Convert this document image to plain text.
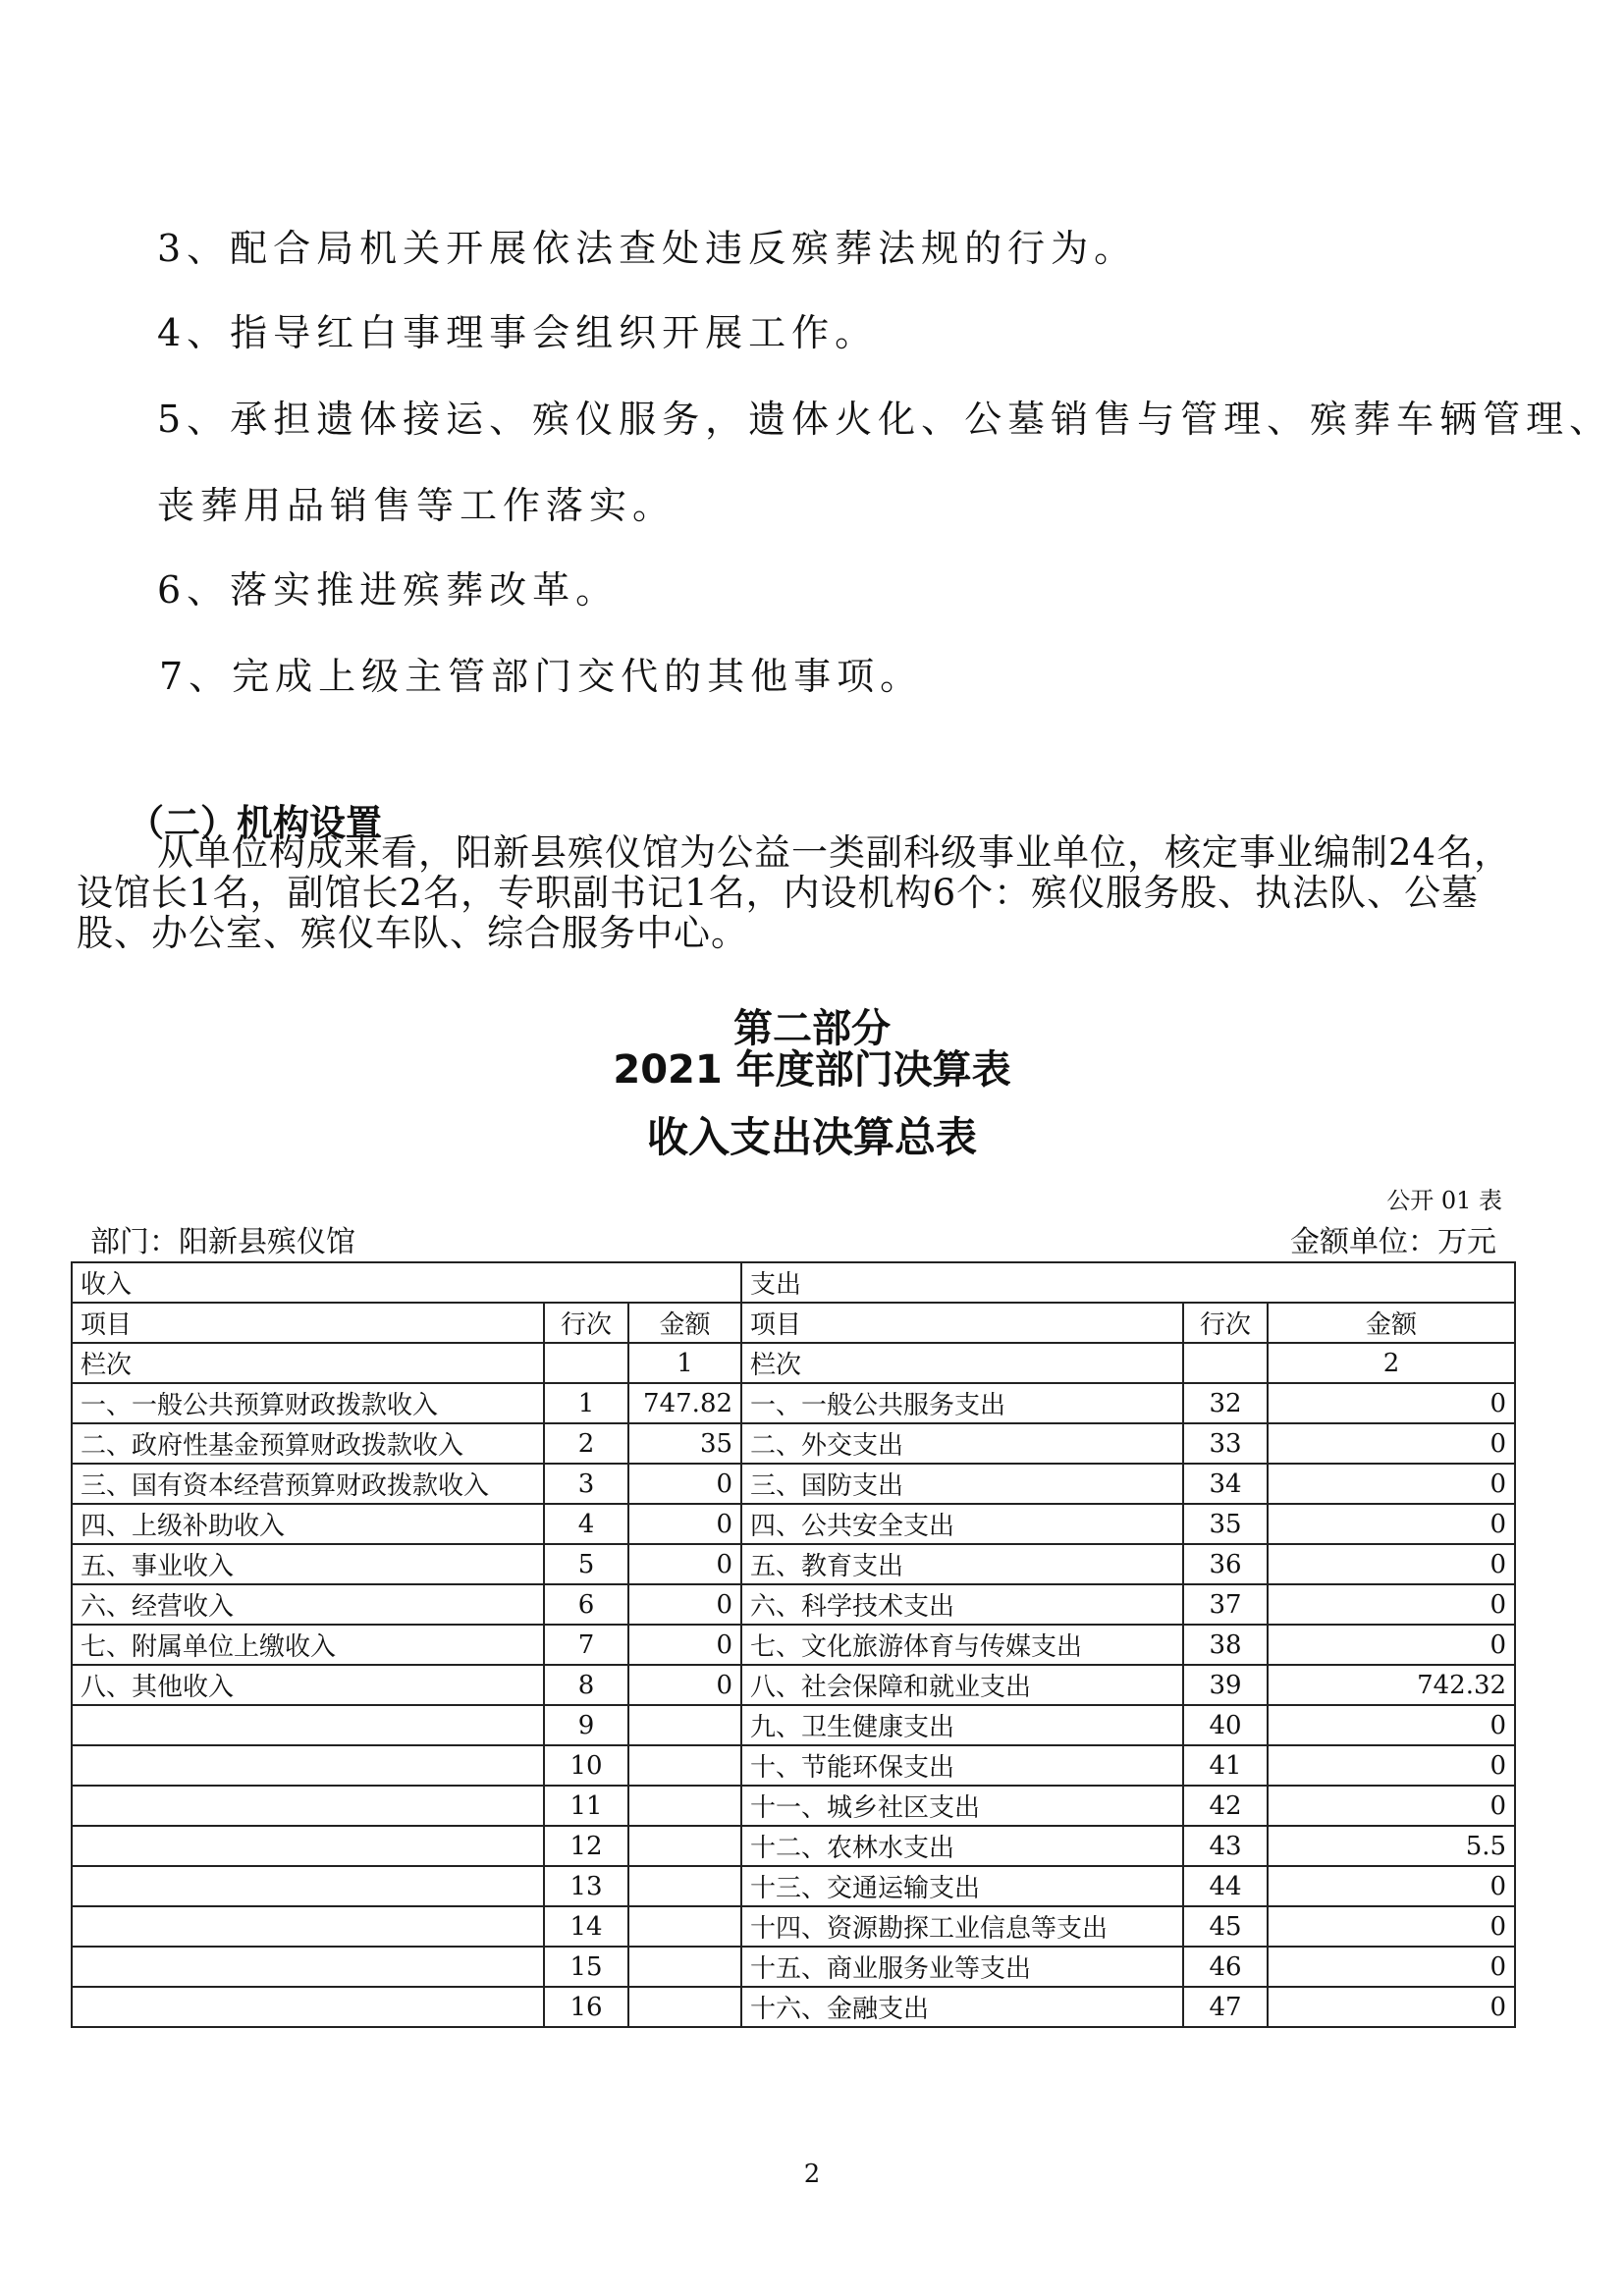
3、配合局机关开展依法查处违反殡葬法规的行为。
4、指导红白事理事会组织开展工作。
5、承担遗体接运、殡仪服务，遗体火化、公墓销售与管理、殡葬车辆管理、
丧葬用品销售等工作落实。
6、落实推进殡葬改革。
7、完成上级主管部门交代的其他事项。
（二）机构设置
从单位构成来看，阳新县殡仪馆为公益一类副科级事业单位，核定事业编制24名，设馆长1名，副馆长2名，专职副书记1名，内设机构6个：殡仪服务股、执法队、公墓股、办公室、殡仪车队、综合服务中心。
第二部分
2021 年度部门决算表
收入支出决算总表
公开 01 表
部门：阳新县殡仪馆	金额单位：万元
收入			支出		
项目	行次	金额	项目	行次	金额
栏次		1	栏次		2
一、一般公共预算财政拨款收入	1	747.82	一、一般公共服务支出	32	0
二、政府性基金预算财政拨款收入	2	35	二、外交支出	33	0
三、国有资本经营预算财政拨款收入	3	0	三、国防支出	34	0
四、上级补助收入	4	0	四、公共安全支出	35	0
五、事业收入	5	0	五、教育支出	36	0
六、经营收入	6	0	六、科学技术支出	37	0
七、附属单位上缴收入	7	0	七、文化旅游体育与传媒支出	38	0
八、其他收入	8	0	八、社会保障和就业支出	39	742.32
	9		九、卫生健康支出	40	0
	10		十、节能环保支出	41	0
	11		十一、城乡社区支出	42	0
	12		十二、农林水支出	43	5.5
	13		十三、交通运输支出	44	0
	14		十四、资源勘探工业信息等支出	45	0
	15		十五、商业服务业等支出	46	0
	16		十六、金融支出	47	0
2
